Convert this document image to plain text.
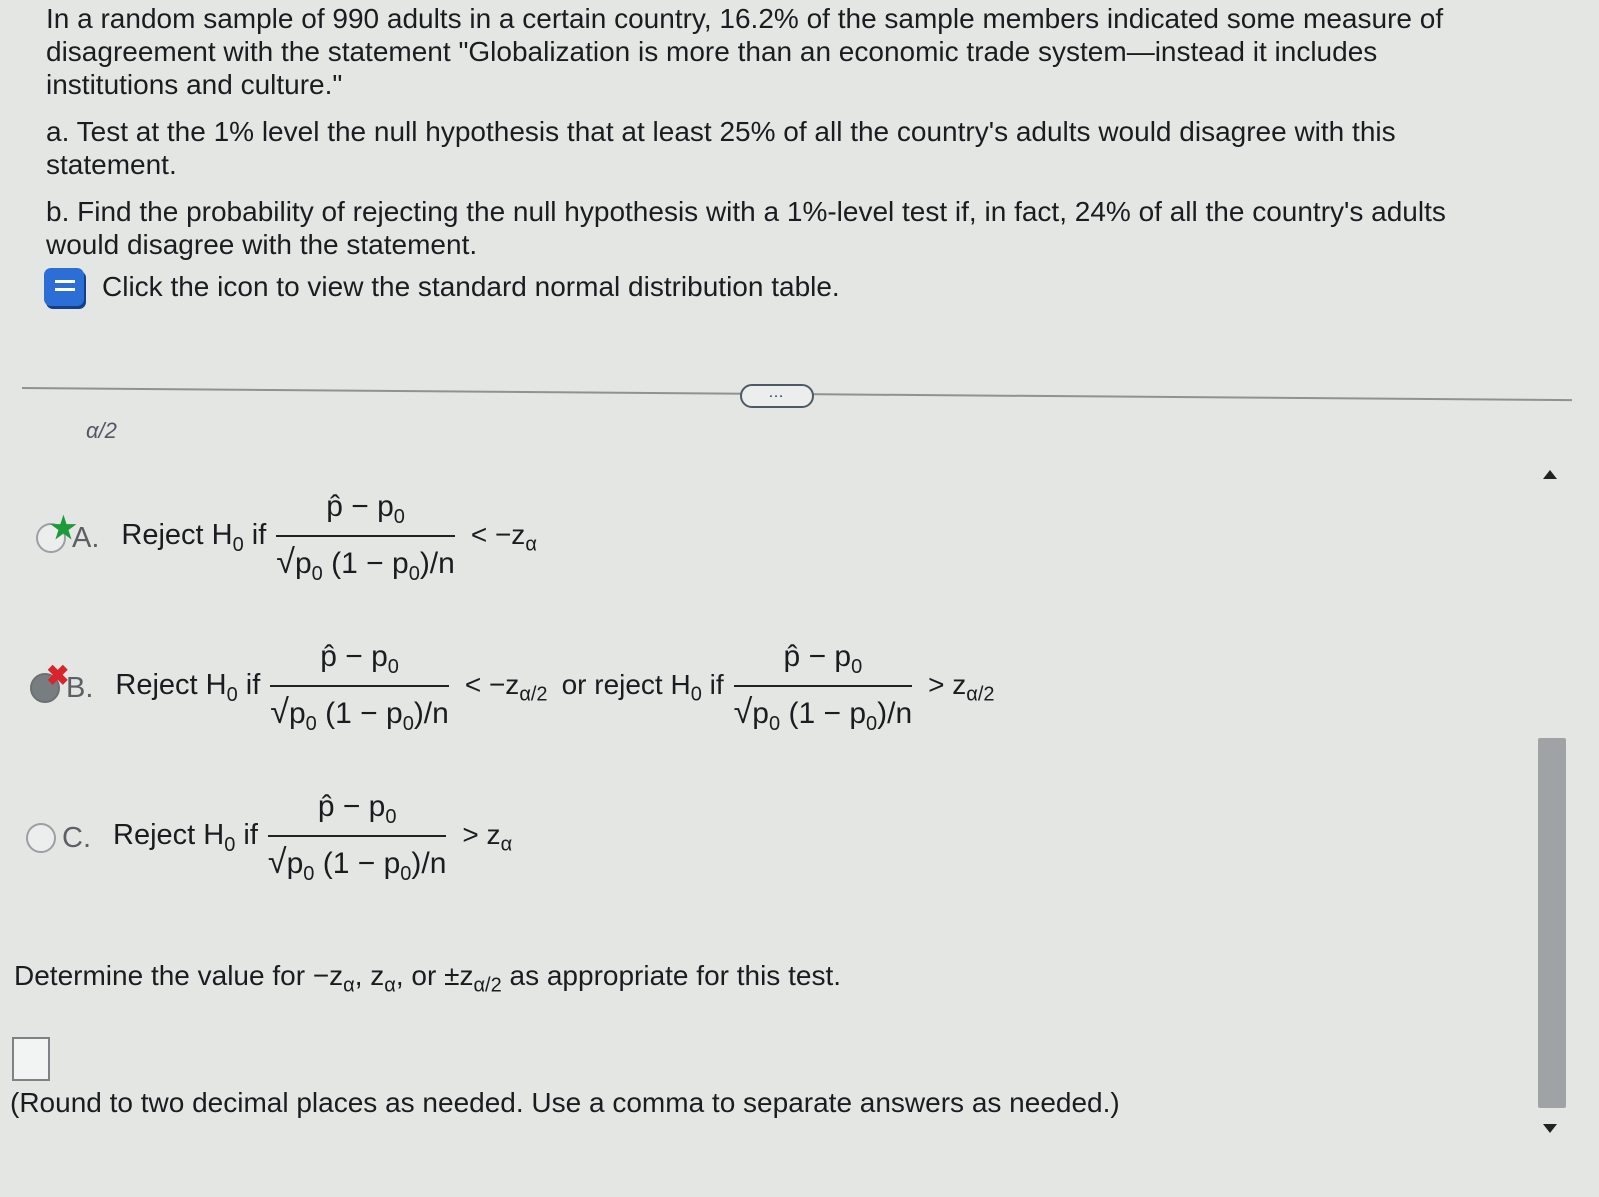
In a random sample of 990 adults in a certain country, 16.2% of the sample members indicated some measure of disagreement with the statement "Globalization is more than an economic trade system—instead it includes institutions and culture."

a. Test at the 1% level the null hypothesis that at least 25% of all the country's adults would disagree with this statement.

b. Find the probability of rejecting the null hypothesis with a 1%-level test if, in fact, 24% of all the country's adults would disagree with the statement.

Click the icon to view the standard normal distribution table.
…
α/2
★
A. Reject $H_0$ if $\frac{p̂ - p_0}{√p_0 (1 - p_0)/n} < -z_\alpha$
✖
B. Reject $H_0$ if $\frac{p̂ - p_0}{√p_0 (1 - p_0)/n} < -z_{\alpha/2}$ or reject $H_0$ if $\frac{p̂ - p_0}{√p_0 (1 - p_0)/n} > z_{\alpha/2}$
C. Reject $H_0$ if $\frac{p̂ - p_0}{√p_0 (1 - p_0)/n} > z_\alpha$
Determine the value for $-z_\alpha$, $z_\alpha$, or $\pm z_{\alpha/2}$ as appropriate for this test.
(Round to two decimal places as needed. Use a comma to separate answers as needed.)
